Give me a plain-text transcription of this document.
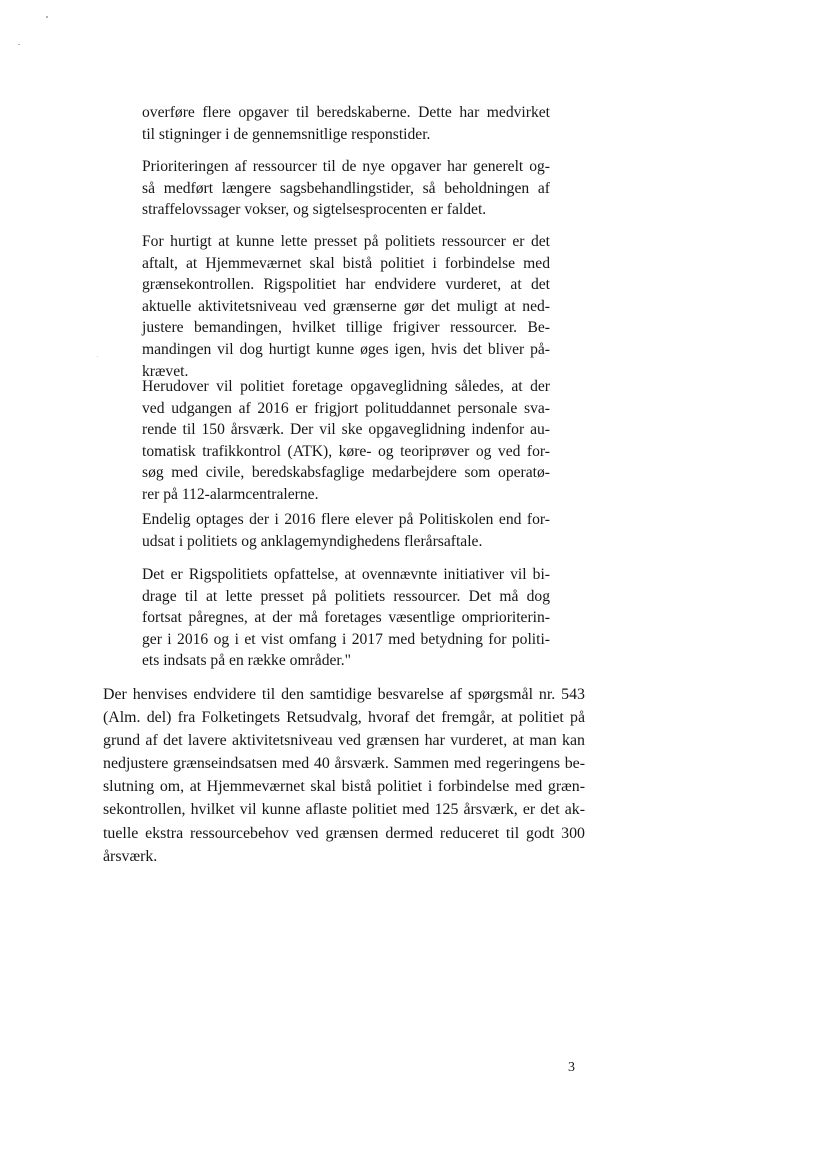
overføre flere opgaver til beredskaberne. Dette har medvirket
til stigninger i de gennemsnitlige responstider.
Prioriteringen af ressourcer til de nye opgaver har generelt og-
så medført længere sagsbehandlingstider, så beholdningen af
straffelovssager vokser, og sigtelsesprocenten er faldet.
For hurtigt at kunne lette presset på politiets ressourcer er det
aftalt, at Hjemmeværnet skal bistå politiet i forbindelse med
grænsekontrollen. Rigspolitiet har endvidere vurderet, at det
aktuelle aktivitetsniveau ved grænserne gør det muligt at ned-
justere bemandingen, hvilket tillige frigiver ressourcer. Be-
mandingen vil dog hurtigt kunne øges igen, hvis det bliver på-
krævet.
Herudover vil politiet foretage opgaveglidning således, at der
ved udgangen af 2016 er frigjort polituddannet personale sva-
rende til 150 årsværk. Der vil ske opgaveglidning indenfor au-
tomatisk trafikkontrol (ATK), køre- og teoriprøver og ved for-
søg med civile, beredskabsfaglige medarbejdere som operatø-
rer på 112-alarmcentralerne.
Endelig optages der i 2016 flere elever på Politiskolen end for-
udsat i politiets og anklagemyndighedens flerårsaftale.
Det er Rigspolitiets opfattelse, at ovennævnte initiativer vil bi-
drage til at lette presset på politiets ressourcer. Det må dog
fortsat påregnes, at der må foretages væsentlige omprioriterin-
ger i 2016 og i et vist omfang i 2017 med betydning for politi-
ets indsats på en række områder."
Der henvises endvidere til den samtidige besvarelse af spørgsmål nr. 543
(Alm. del) fra Folketingets Retsudvalg, hvoraf det fremgår, at politiet på
grund af det lavere aktivitetsniveau ved grænsen har vurderet, at man kan
nedjustere grænseindsatsen med 40 årsværk. Sammen med regeringens be-
slutning om, at Hjemmeværnet skal bistå politiet i forbindelse med græn-
sekontrollen, hvilket vil kunne aflaste politiet med 125 årsværk, er det ak-
tuelle ekstra ressourcebehov ved grænsen dermed reduceret til godt 300
årsværk.
3
